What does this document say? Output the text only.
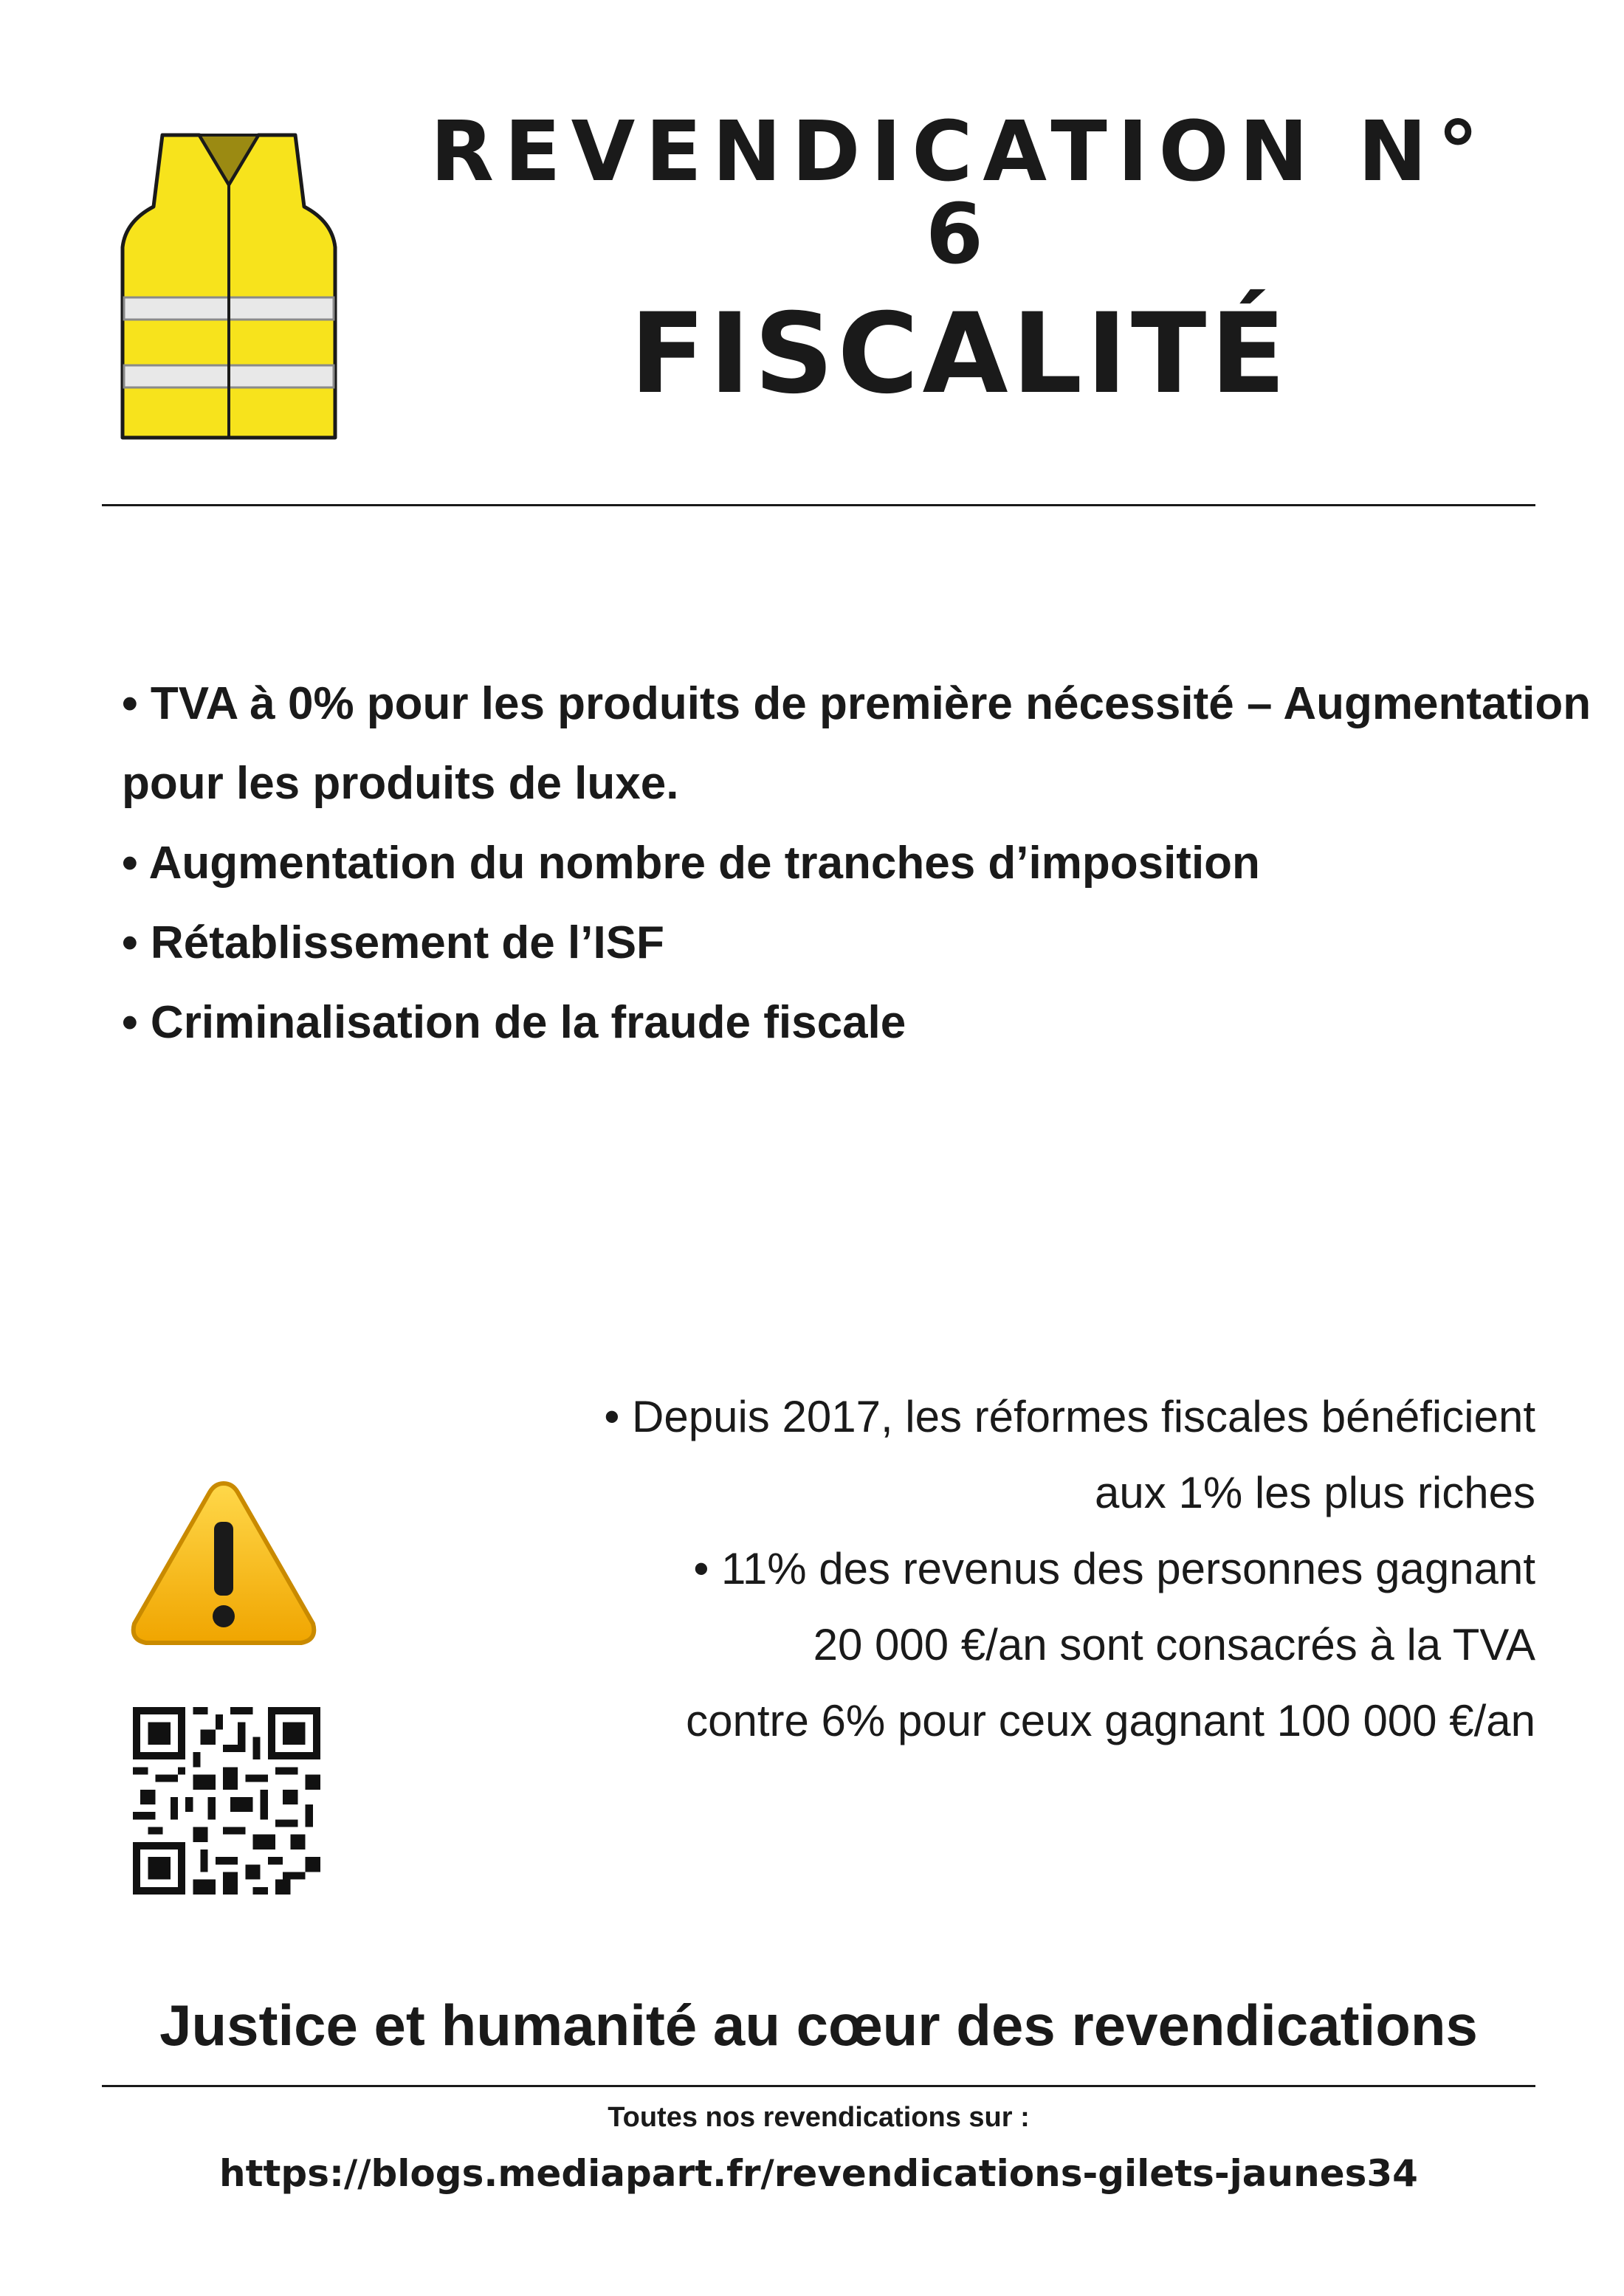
REVENDICATION N° 6
FISCALITÉ
• TVA à 0% pour les produits de première nécessité – Augmentation
pour les produits de luxe.
• Augmentation du nombre de tranches d’imposition
• Rétablissement de l’ISF
• Criminalisation de la fraude fiscale
• Depuis 2017, les réformes fiscales bénéficient
aux 1% les plus riches
• 11% des revenus des personnes gagnant
20 000 €/an sont consacrés à la TVA
contre 6% pour ceux gagnant 100 000 €/an
Justice et humanité au cœur des revendications
Toutes nos revendications sur :
https://blogs.mediapart.fr/revendications-gilets-jaunes34
